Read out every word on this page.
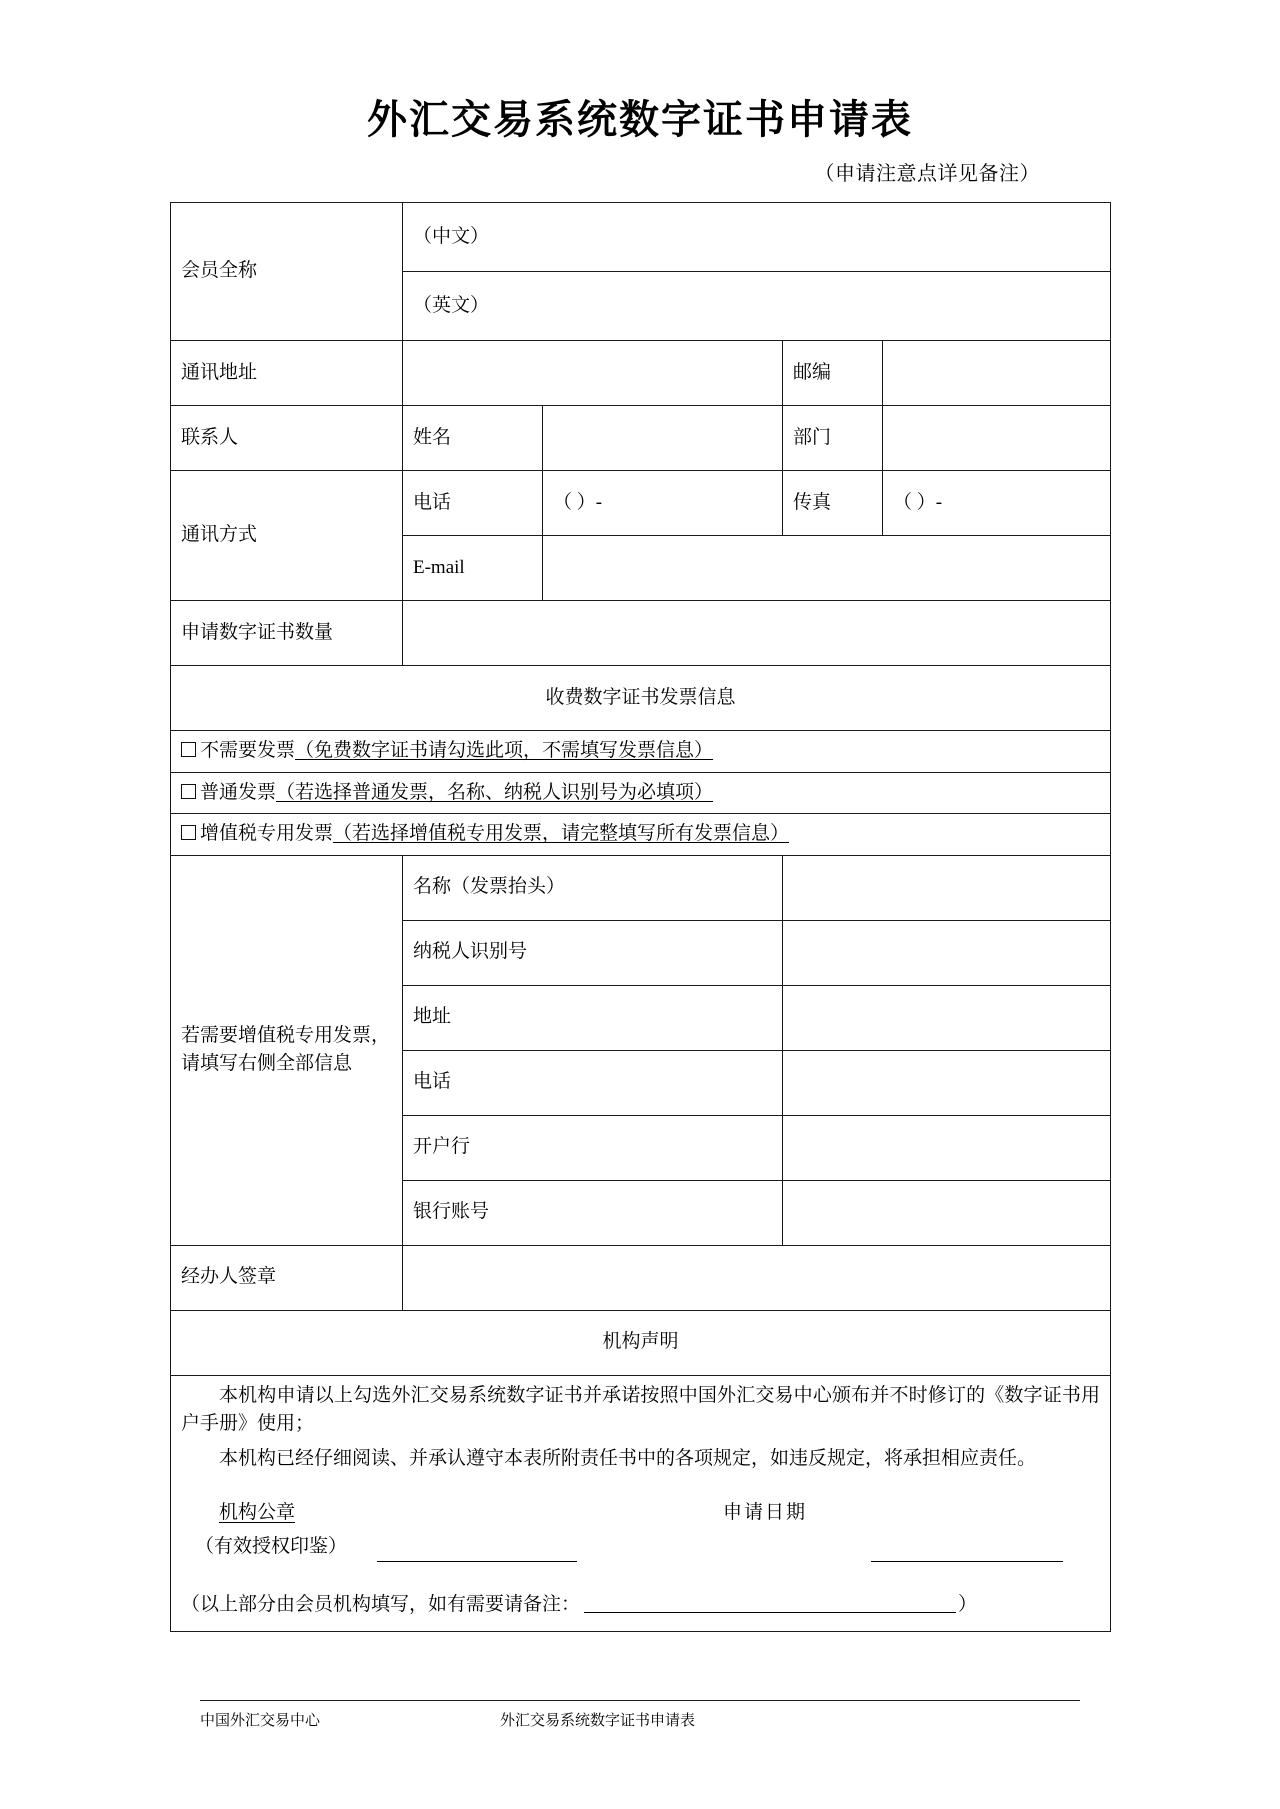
外汇交易系统数字证书申请表
（申请注意点详见备注）
会员全称	（中文）			
	（英文）			
通讯地址			邮编	
联系人	姓名		部门	
通讯方式	电话	（ ）-	传真	（ ）-
	E-mail			
申请数字证书数量				
收费数字证书发票信息				
不需要发票（免费数字证书请勾选此项，不需填写发票信息）				
普通发票（若选择普通发票，名称、纳税人识别号为必填项）				
增值税专用发票（若选择增值税专用发票，请完整填写所有发票信息）				
若需要增值税专用发票，请填写右侧全部信息	名称（发票抬头）			
	纳税人识别号			
	地址			
	电话			
	开户行			
	银行账号			
经办人签章				
机构声明				

本机构申请以上勾选外汇交易系统数字证书并承诺按照中国外汇交易中心颁布并不时修订的《数字证书用户手册》使用；

本机构已经仔细阅读、并承认遵守本表所附责任书中的各项规定，如违反规定，将承担相应责任。

机构公章
（有效授权印鉴）
申请日期
（以上部分由会员机构填写，如有需要请备注：	）
中国外汇交易中心	外汇交易系统数字证书申请表
